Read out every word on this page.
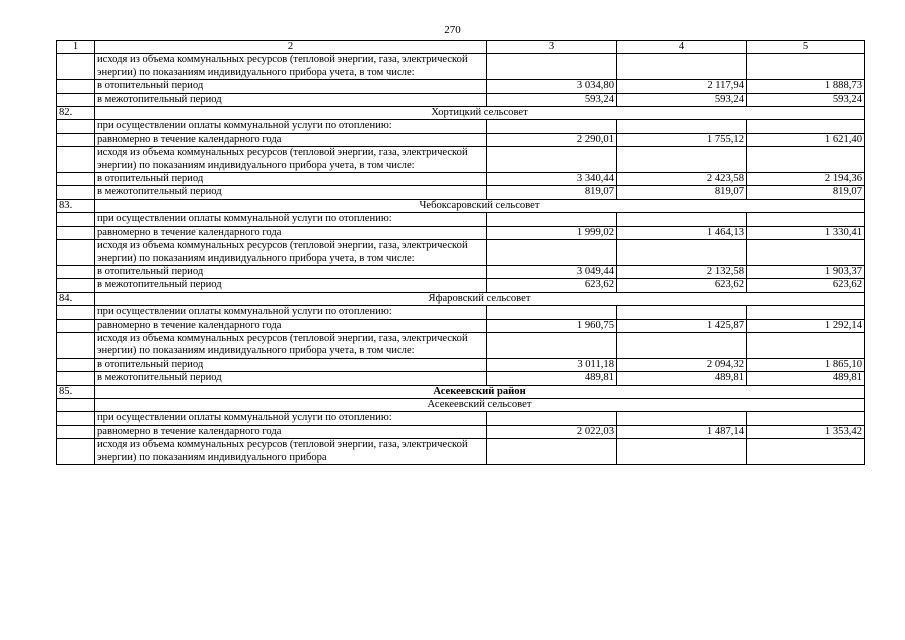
270
1	2	3	4	5
	исходя из объема коммунальных ресурсов (тепловой энергии, газа, электрической энергии) по показаниям индивидуального прибора учета, в том числе:			
	в отопительный период	3 034,80	2 117,94	1 888,73
	в межотопительный период	593,24	593,24	593,24
82.	Хортицкий сельсовет			
	при осуществлении оплаты коммунальной услуги по отоплению:			
	равномерно в течение календарного года	2 290,01	1 755,12	1 621,40
	исходя из объема коммунальных ресурсов (тепловой энергии, газа, электрической энергии) по показаниям индивидуального прибора учета, в том числе:			
	в отопительный период	3 340,44	2 423,58	2 194,36
	в межотопительный период	819,07	819,07	819,07
83.	Чебоксаровский сельсовет			
	при осуществлении оплаты коммунальной услуги по отоплению:			
	равномерно в течение календарного года	1 999,02	1 464,13	1 330,41
	исходя из объема коммунальных ресурсов (тепловой энергии, газа, электрической энергии) по показаниям индивидуального прибора учета, в том числе:			
	в отопительный период	3 049,44	2 132,58	1 903,37
	в межотопительный период	623,62	623,62	623,62
84.	Яфаровский сельсовет			
	при осуществлении оплаты коммунальной услуги по отоплению:			
	равномерно в течение календарного года	1 960,75	1 425,87	1 292,14
	исходя из объема коммунальных ресурсов (тепловой энергии, газа, электрической энергии) по показаниям индивидуального прибора учета, в том числе:			
	в отопительный период	3 011,18	2 094,32	1 865,10
	в межотопительный период	489,81	489,81	489,81
85.	Асекеевский район			
	Асекеевский сельсовет			
	при осуществлении оплаты коммунальной услуги по отоплению:			
	равномерно в течение календарного года	2 022,03	1 487,14	1 353,42
	исходя из объема коммунальных ресурсов (тепловой энергии, газа, электрической энергии) по показаниям индивидуального прибора			
